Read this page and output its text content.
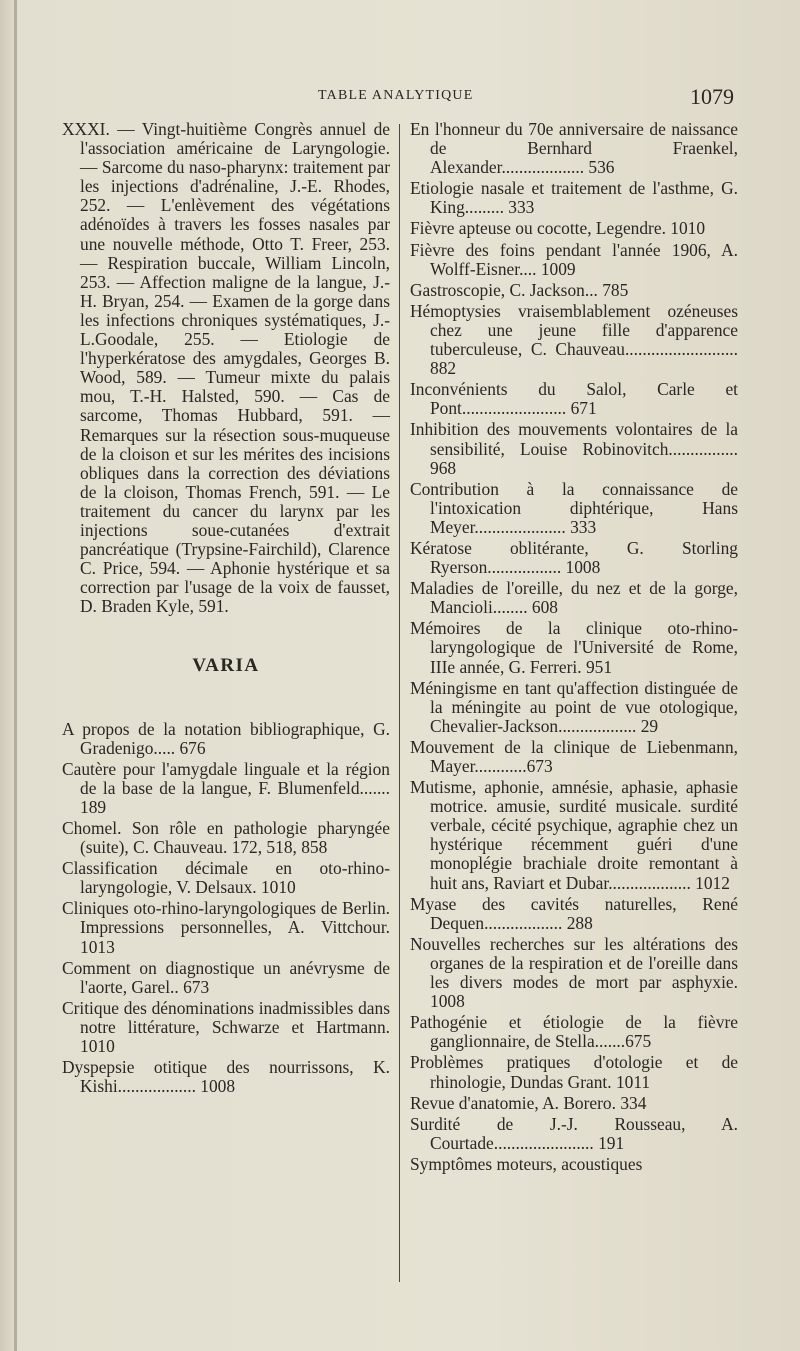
TABLE ANALYTIQUE	1079

XXXI. — Vingt-huitième Congrès annuel de l'association américaine de Laryngologie. — Sarcome du naso-pharynx: traitement par les injections d'adrénaline, J.-E. Rhodes, 252. — L'enlèvement des végétations adénoïdes à travers les fosses nasales par une nouvelle méthode, Otto T. Freer, 253. — Respiration buccale, William Lincoln, 253. — Affection maligne de la langue, J.-H. Bryan, 254. — Examen de la gorge dans les infections chroniques systématiques, J.-L.Goodale, 255. — Etiologie de l'hyperkératose des amygdales, Georges B. Wood, 589. — Tumeur mixte du palais mou, T.-H. Halsted, 590. — Cas de sarcome, Thomas Hubbard, 591. — Remarques sur la résection sous-muqueuse de la cloison et sur les mérites des incisions obliques dans la correction des déviations de la cloison, Thomas French, 591. — Le traitement du cancer du larynx par les injections soue-cutanées d'extrait pancréatique (Trypsine-Fairchild), Clarence C. Price, 594. — Aphonie hystérique et sa correction par l'usage de la voix de fausset, D. Braden Kyle, 591.

VARIA
A propos de la notation bibliographique, G. Gradenigo..... 676
Cautère pour l'amygdale linguale et la région de la base de la langue, F. Blumenfeld....... 189
Chomel. Son rôle en pathologie pharyngée (suite), C. Chauveau. 172, 518, 858
Classification décimale en oto-rhino-laryngologie, V. Delsaux. 1010
Cliniques oto-rhino-laryngologiques de Berlin. Impressions personnelles, A. Vittchour. 1013
Comment on diagnostique un anévrysme de l'aorte, Garel.. 673
Critique des dénominations inadmissibles dans notre littérature, Schwarze et Hartmann. 1010
Dyspepsie otitique des nourrissons, K. Kishi.................. 1008
En l'honneur du 70e anniversaire de naissance de Bernhard Fraenkel, Alexander................... 536
Etiologie nasale et traitement de l'asthme, G. King......... 333
Fièvre apteuse ou cocotte, Legendre. 1010
Fièvre des foins pendant l'année 1906, A. Wolff-Eisner.... 1009
Gastroscopie, C. Jackson... 785
Hémoptysies vraisemblablement ozéneuses chez une jeune fille d'apparence tuberculeuse, C. Chauveau.......................... 882
Inconvénients du Salol, Carle et Pont........................ 671
Inhibition des mouvements volontaires de la sensibilité, Louise Robinovitch................ 968
Contribution à la connaissance de l'intoxication diphtérique, Hans Meyer..................... 333
Kératose oblitérante, G. Storling Ryerson................. 1008
Maladies de l'oreille, du nez et de la gorge, Mancioli........ 608
Mémoires de la clinique oto-rhino-laryngologique de l'Université de Rome, IIIe année, G. Ferreri. 951
Méningisme en tant qu'affection distinguée de la méningite au point de vue otologique, Chevalier-Jackson.................. 29
Mouvement de la clinique de Liebenmann, Mayer............673
Mutisme, aphonie, amnésie, aphasie, aphasie motrice. amusie, surdité musicale. surdité verbale, cécité psychique, agraphie chez un hystérique récemment guéri d'une monoplégie brachiale droite remontant à huit ans, Raviart et Dubar................... 1012
Myase des cavités naturelles, René Dequen.................. 288
Nouvelles recherches sur les altérations des organes de la respiration et de l'oreille dans les divers modes de mort par asphyxie. 1008
Pathogénie et étiologie de la fièvre ganglionnaire, de Stella.......675
Problèmes pratiques d'otologie et de rhinologie, Dundas Grant. 1011
Revue d'anatomie, A. Borero. 334
Surdité de J.-J. Rousseau, A. Courtade....................... 191
Symptômes moteurs, acoustiques
